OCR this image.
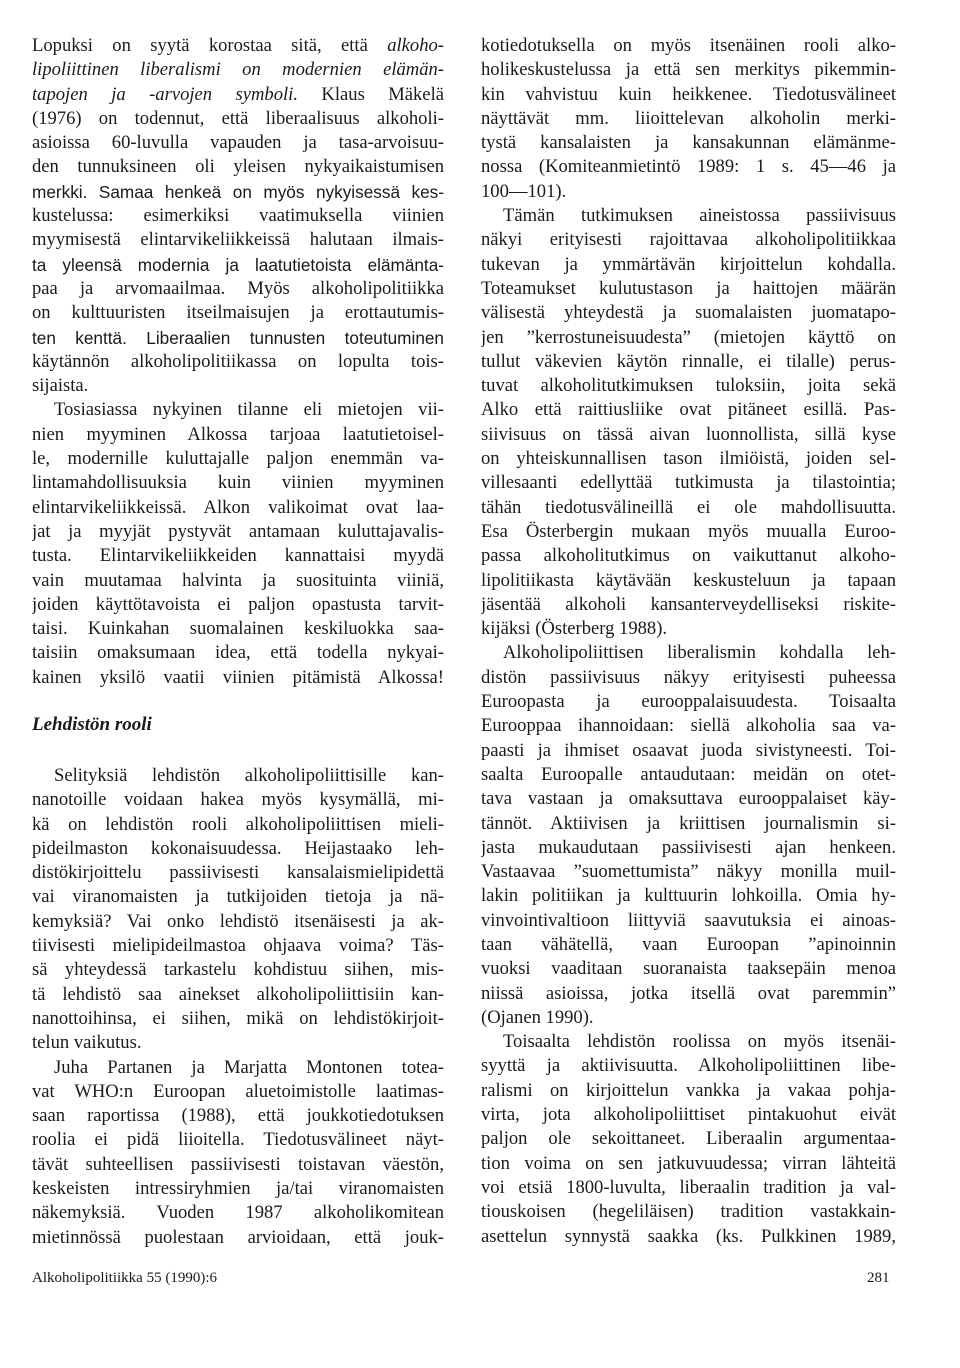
Lopuksi on syytä korostaa sitä, että alkoho-
lipoliittinen liberalismi on modernien elämän-
tapojen ja -arvojen symboli. Klaus Mäkelä
(1976) on todennut, että liberaalisuus alkoholi-
asioissa 60-luvulla vapauden ja tasa-arvoisuu-
den tunnuksineen oli yleisen nykyaikaistumisen
merkki. Samaa henkeä on myös nykyisessä kes-
kustelussa: esimerkiksi vaatimuksella viinien
myymisestä elintarvikeliikkeissä halutaan ilmais-
ta yleensä modernia ja laatutietoista elämänta-
paa ja arvomaailmaa. Myös alkoholipolitiikka
on kulttuuristen itseilmaisujen ja erottautumis-
ten kenttä. Liberaalien tunnusten toteutuminen
käytännön alkoholipolitiikassa on lopulta tois-
sijaista.
Tosiasiassa nykyinen tilanne eli mietojen vii-
nien myyminen Alkossa tarjoaa laatutietoisel-
le, modernille kuluttajalle paljon enemmän va-
lintamahdollisuuksia kuin viinien myyminen
elintarvikeliikkeissä. Alkon valikoimat ovat laa-
jat ja myyjät pystyvät antamaan kuluttajavalis-
tusta. Elintarvikeliikkeiden kannattaisi myydä
vain muutamaa halvinta ja suosituinta viiniä,
joiden käyttötavoista ei paljon opastusta tarvit-
taisi. Kuinkahan suomalainen keskiluokka saa-
taisiin omaksumaan idea, että todella nykyai-
kainen yksilö vaatii viinien pitämistä Alkossa!
Lehdistön rooli
Selityksiä lehdistön alkoholipoliittisille kan-
nanotoille voidaan hakea myös kysymällä, mi-
kä on lehdistön rooli alkoholipoliittisen mieli-
pideilmaston kokonaisuudessa. Heijastaako leh-
distökirjoittelu passiivisesti kansalaismielipidettä
vai viranomaisten ja tutkijoiden tietoja ja nä-
kemyksiä? Vai onko lehdistö itsenäisesti ja ak-
tiivisesti mielipideilmastoa ohjaava voima? Täs-
sä yhteydessä tarkastelu kohdistuu siihen, mis-
tä lehdistö saa ainekset alkoholipoliittisiin kan-
nanottoihinsa, ei siihen, mikä on lehdistökirjoit-
telun vaikutus.
Juha Partanen ja Marjatta Montonen toteа-
vat WHO:n Euroopan aluetoimistolle laatimas-
saan raportissa (1988), että joukkotiedotuksen
roolia ei pidä liioitella. Tiedotusvälineet näyt-
tävät suhteellisen passiivisesti toistavan väestön,
keskeisten intressiryhmien ja/tai viranomaisten
näkemyksiä. Vuoden 1987 alkoholikomitean
mietinnössä puolestaan arvioidaan, että jouk-
kotiedotuksella on myös itsenäinen rooli alko-
holikeskustelussa ja että sen merkitys pikemmin-
kin vahvistuu kuin heikkenee. Tiedotusvälineet
näyttävät mm. liioittelevan alkoholin merki-
tystä kansalaisten ja kansakunnan elämänme-
nossa (Komiteanmietintö 1989: 1 s. 45—46 ja
100—101).
Tämän tutkimuksen aineistossa passiivisuus
näkyi erityisesti rajoittavaa alkoholipolitiikkaa
tukevan ja ymmärtävän kirjoittelun kohdalla.
Toteamukset kulutustason ja haittojen määrän
välisestä yhteydestä ja suomalaisten juomatapo-
jen ”kerrostuneisuudesta” (mietojen käyttö on
tullut väkevien käytön rinnalle, ei tilalle) perus-
tuvat alkoholitutkimuksen tuloksiin, joita sekä
Alko että raittiusliike ovat pitäneet esillä. Pas-
siivisuus on tässä aivan luonnollista, sillä kyse
on yhteiskunnallisen tason ilmiöistä, joiden sel-
villesaanti edellyttää tutkimusta ja tilastointia;
tähän tiedotusvälineillä ei ole mahdollisuutta.
Esa Österbergin mukaan myös muualla Euroo-
passa alkoholitutkimus on vaikuttanut alkoho-
lipolitiikasta käytävään keskusteluun ja tapaan
jäsentää alkoholi kansanterveydelliseksi riskite-
kijäksi (Österberg 1988).
Alkoholipoliittisen liberalismin kohdalla leh-
distön passiivisuus näkyy erityisesti puheessa
Euroopasta ja eurooppalaisuudesta. Toisaalta
Eurooppaa ihannoidaan: siellä alkoholia saa va-
paasti ja ihmiset osaavat juoda sivistyneesti. Toi-
saalta Euroopalle antaudutaan: meidän on otet-
tava vastaan ja omaksuttava eurooppalaiset käy-
tännöt. Aktiivisen ja kriittisen journalismin si-
jasta mukaudutaan passiivisesti ajan henkeen.
Vastaavaa ”suomettumista” näkyy monilla muil-
lakin politiikan ja kulttuurin lohkoilla. Omia hy-
vinvointivaltioon liittyviä saavutuksia ei ainoas-
taan vähätellä, vaan Euroopan ”apinoinnin
vuoksi vaaditaan suoranaista taaksepäin menoa
niissä asioissa, jotka itsellä ovat paremmin”
(Ojanen 1990).
Toisaalta lehdistön roolissa on myös itsenäi-
syyttä ja aktiivisuutta. Alkoholipoliittinen libe-
ralismi on kirjoittelun vankka ja vakaa pohja-
virta, jota alkoholipoliittiset pintakuohut eivät
paljon ole sekoittaneet. Liberaalin argumentaa-
tion voima on sen jatkuvuudessa; virran lähteitä
voi etsiä 1800-luvulta, liberaalin tradition ja val-
tiouskoisen (hegeliläisen) tradition vastakkain-
asettelun synnystä saakka (ks. Pulkkinen 1989,
Alkoholipolitiikka 55 (1990):6	281
